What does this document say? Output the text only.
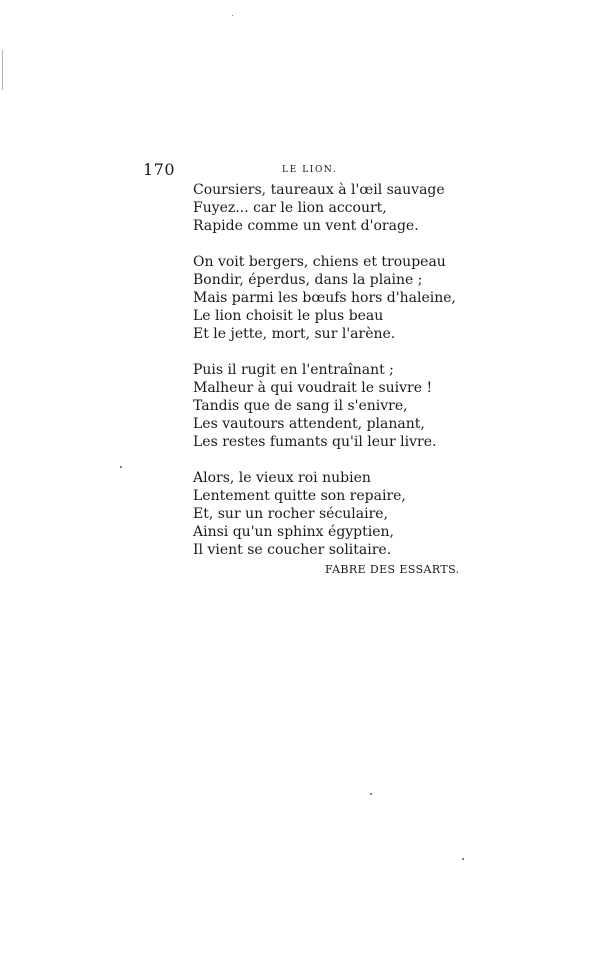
170	LE LION.
Coursiers, taureaux à l'œil sauvage
Fuyez... car le lion accourt,
Rapide comme un vent d'orage.
On voit bergers, chiens et troupeau
Bondir, éperdus, dans la plaine ;
Mais parmi les bœufs hors d'haleine,
Le lion choisit le plus beau
Et le jette, mort, sur l'arène.
Puis il rugit en l'entraînant ;
Malheur à qui voudrait le suivre !
Tandis que de sang il s'enivre,
Les vautours attendent, planant,
Les restes fumants qu'il leur livre.
Alors, le vieux roi nubien
Lentement quitte son repaire,
Et, sur un rocher séculaire,
Ainsi qu'un sphinx égyptien,
Il vient se coucher solitaire.
FABRE DES ESSARTS.
